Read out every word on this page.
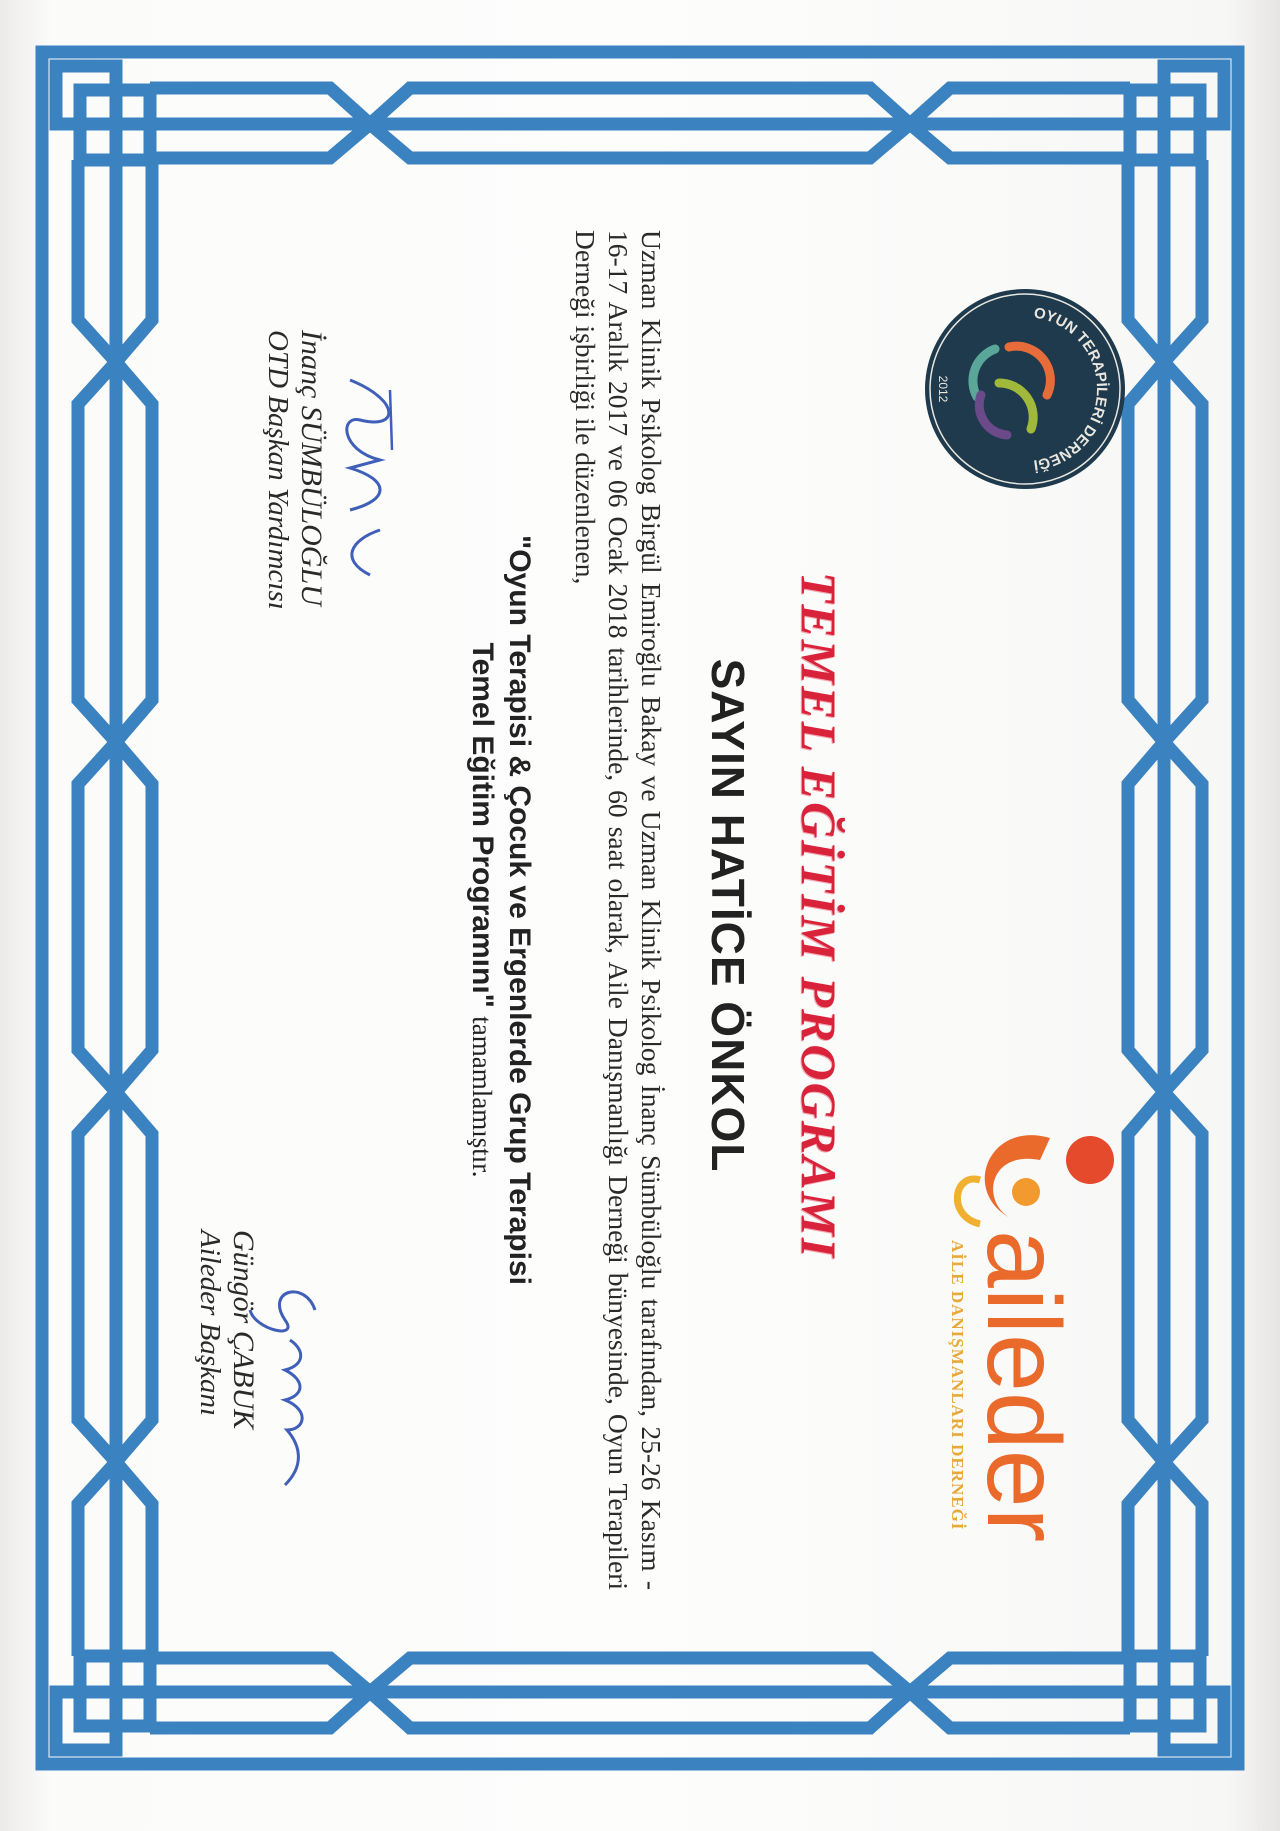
OYUN TERAPİLERİ DERNEĞİ
2012
aileder
AİLE DANIŞMANLARI DERNEĞİ
TEMEL EĞİTİM PROGRAMI
SAYIN HATİCE ÖNKOL
Uzman Klinik Psikolog Birgül Emiroğlu Bakay ve Uzman Klinik Psikolog İnanç Sümbüloğlu tarafından, 25-26 Kasım - 16-17 Aralık 2017 ve 06 Ocak 2018 tarihlerinde, 60 saat olarak, Aile Danışmanlığı Derneği bünyesinde, Oyun Terapileri Derneği işbirliği ile düzenlenen,
"Oyun Terapisi & Çocuk ve Ergenlerde Grup Terapisi
Temel Eğitim Programını" tamamlamıştır.
İnanç SÜMBÜLOĞLU
OTD Başkan Yardımcısı
Güngör ÇABUK
Aileder Başkanı
